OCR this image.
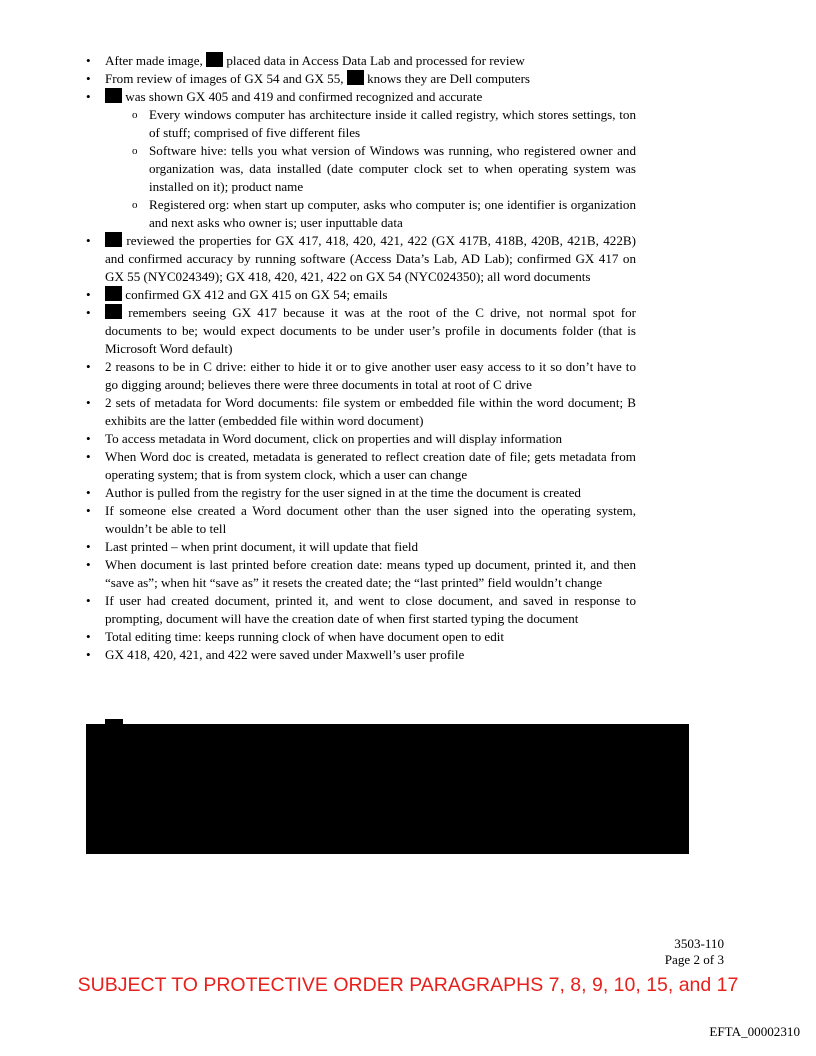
• After made image, placed data in Access Data Lab and processed for review
• From review of images of GX 54 and GX 55, knows they are Dell computers
• was shown GX 405 and 419 and confirmed recognized and accurate
o Every windows computer has architecture inside it called registry, which stores settings, ton of stuff; comprised of five different files
o Software hive: tells you what version of Windows was running, who registered owner and organization was, data installed (date computer clock set to when operating system was installed on it); product name
o Registered org: when start up computer, asks who computer is; one identifier is organization and next asks who owner is; user inputtable data
• reviewed the properties for GX 417, 418, 420, 421, 422 (GX 417B, 418B, 420B, 421B, 422B) and confirmed accuracy by running software (Access Data’s Lab, AD Lab); confirmed GX 417 on GX 55 (NYC024349); GX 418, 420, 421, 422 on GX 54 (NYC024350); all word documents
• confirmed GX 412 and GX 415 on GX 54; emails
• remembers seeing GX 417 because it was at the root of the C drive, not normal spot for documents to be; would expect documents to be under user’s profile in documents folder (that is Microsoft Word default)
• 2 reasons to be in C drive: either to hide it or to give another user easy access to it so don’t have to go digging around; believes there were three documents in total at root of C drive
• 2 sets of metadata for Word documents: file system or embedded file within the word document; B exhibits are the latter (embedded file within word document)
• To access metadata in Word document, click on properties and will display information
• When Word doc is created, metadata is generated to reflect creation date of file; gets metadata from operating system; that is from system clock, which a user can change
• Author is pulled from the registry for the user signed in at the time the document is created
• If someone else created a Word document other than the user signed into the operating system, wouldn’t be able to tell
• Last printed – when print document, it will update that field
• When document is last printed before creation date: means typed up document, printed it, and then “save as”; when hit “save as” it resets the created date; the “last printed” field wouldn’t change
• If user had created document, printed it, and went to close document, and saved in response to prompting, document will have the creation date of when first started typing the document
• Total editing time: keeps running clock of when have document open to edit
• GX 418, 420, 421, and 422 were saved under Maxwell’s user profile
3503-110
Page 2 of 3
SUBJECT TO PROTECTIVE ORDER PARAGRAPHS 7, 8, 9, 10, 15, and 17
EFTA_00002310
